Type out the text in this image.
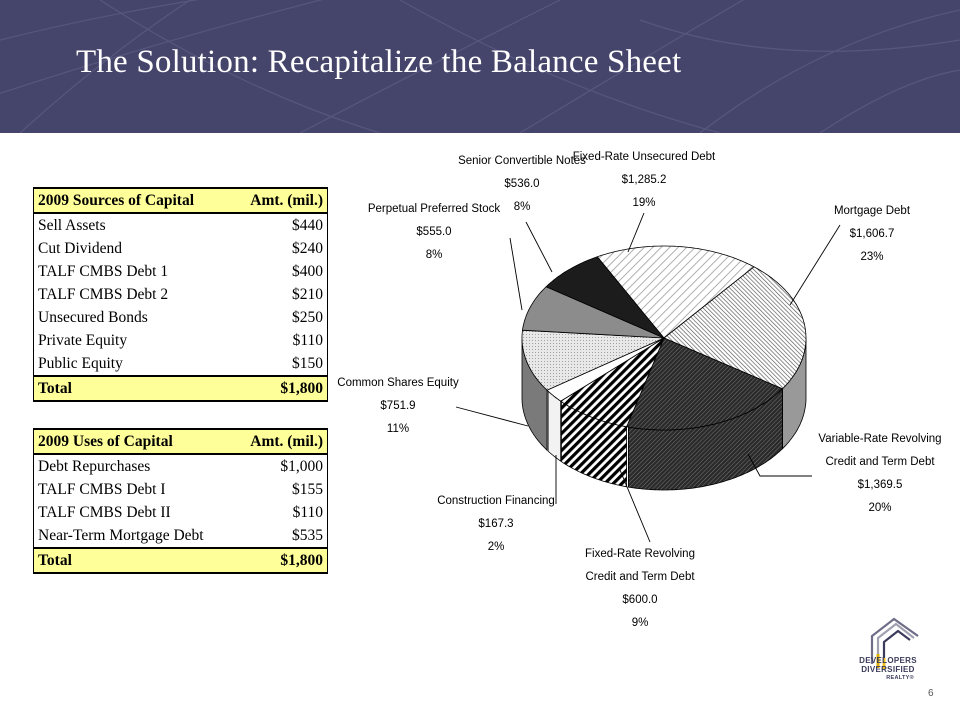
The Solution: Recapitalize the Balance Sheet
2009 Sources of Capital	Amt. (mil.)
Sell Assets	$440
Cut Dividend	$240
TALF CMBS Debt 1	$400
TALF CMBS Debt 2	$210
Unsecured Bonds	$250
Private Equity	$110
Public Equity	$150
Total	$1,800
2009 Uses of Capital	Amt. (mil.)
Debt Repurchases	$1,000
TALF CMBS Debt I	$155
TALF CMBS Debt II	$110
Near-Term Mortgage Debt	$535
Total	$1,800
Fixed-Rate Unsecured Debt
$1,285.2
19%
Mortgage Debt
$1,606.7
23%
Variable-Rate Revolving
Credit and Term Debt
$1,369.5
20%
Fixed-Rate Revolving
Credit and Term Debt
$600.0
9%
Construction Financing
$167.3
2%
Common Shares Equity
$751.9
11%
Perpetual Preferred Stock
$555.0
8%
Senior Convertible Notes
$536.0
8%
DEVELOPERS
DIVERSIFIED
REALTY®
6
